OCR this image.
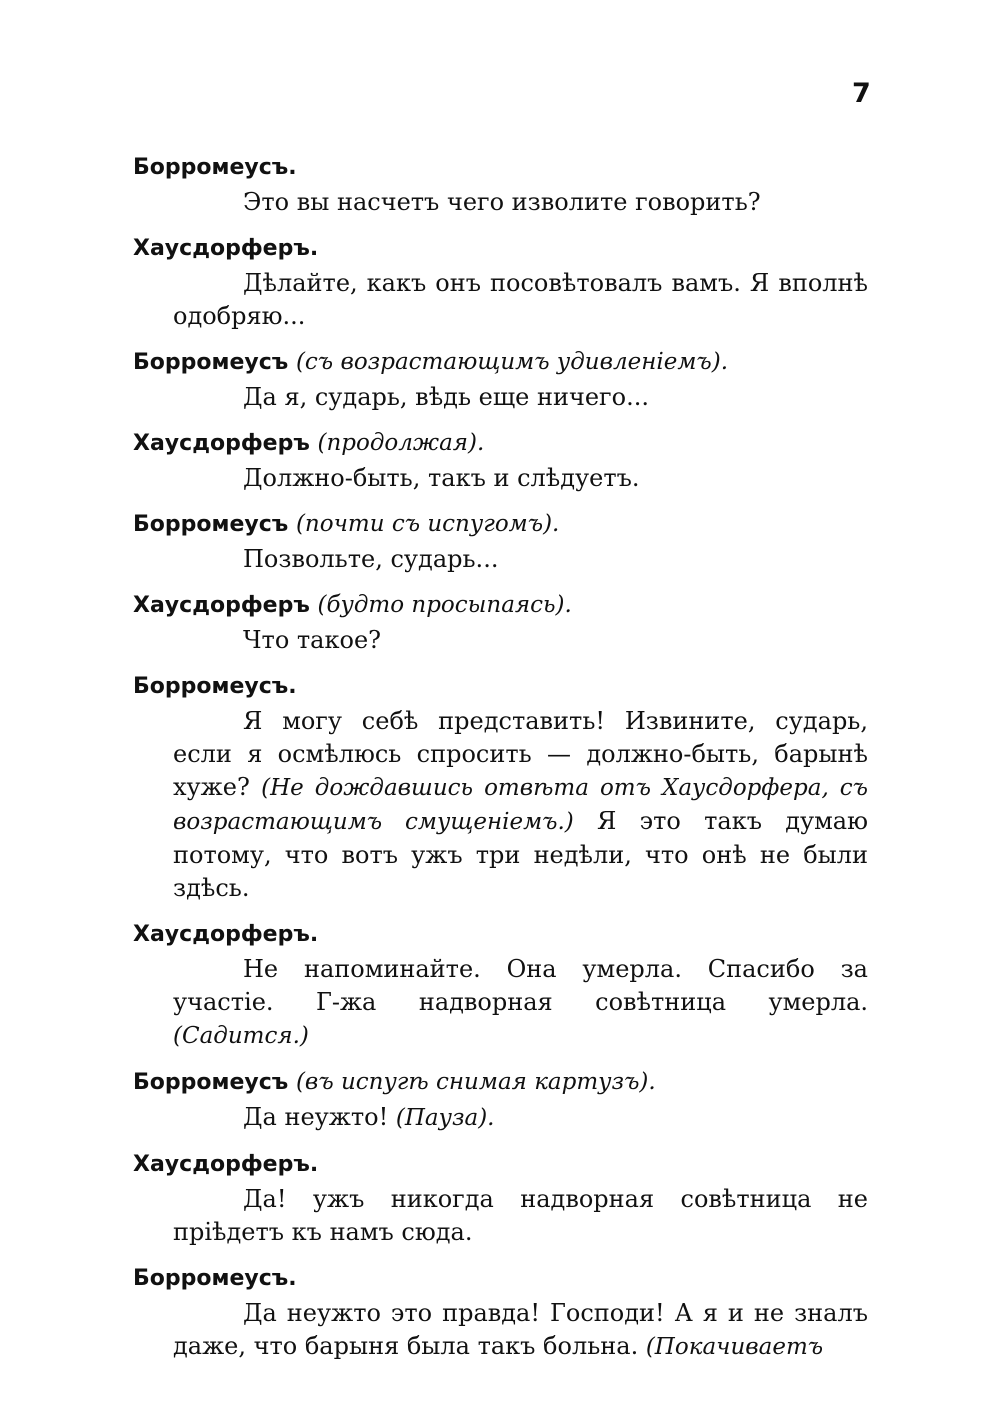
7

Борромеусъ.

Это вы насчетъ чего изволите говорить?

Хаусдорферъ.

Дѣлайте, какъ онъ посовѣтовалъ вамъ. Я вполнѣ одобряю...

Борромеусъ (съ возрастающимъ удивленіемъ).

Да я, сударь, вѣдь еще ничего...

Хаусдорферъ (продолжая).

Должно-быть, такъ и слѣдуетъ.

Борромеусъ (почти съ испугомъ).

Позвольте, сударь...

Хаусдорферъ (будто просыпаясь).

Что такое?

Борромеусъ.

Я могу себѣ представить! Извините, сударь, если я осмѣлюсь спросить — должно-быть, барынѣ хуже? (Не дождавшись отвѣта отъ Хаусдорфера, съ возрастающимъ смущеніемъ.) Я это такъ думаю потому, что вотъ ужъ три недѣли, что онѣ не были здѣсь.

Хаусдорферъ.

Не напоминайте. Она умерла. Спасибо за участіе. Г-жа надворная совѣтница умерла. (Садится.)

Борромеусъ (въ испугѣ снимая картузъ).

Да неужто! (Пауза).

Хаусдорферъ.

Да! ужъ никогда надворная совѣтница не пріѣдетъ къ намъ сюда.

Борромеусъ.

Да неужто это правда! Господи! А я и не зналъ даже, что барыня была такъ больна. (Покачиваетъ
